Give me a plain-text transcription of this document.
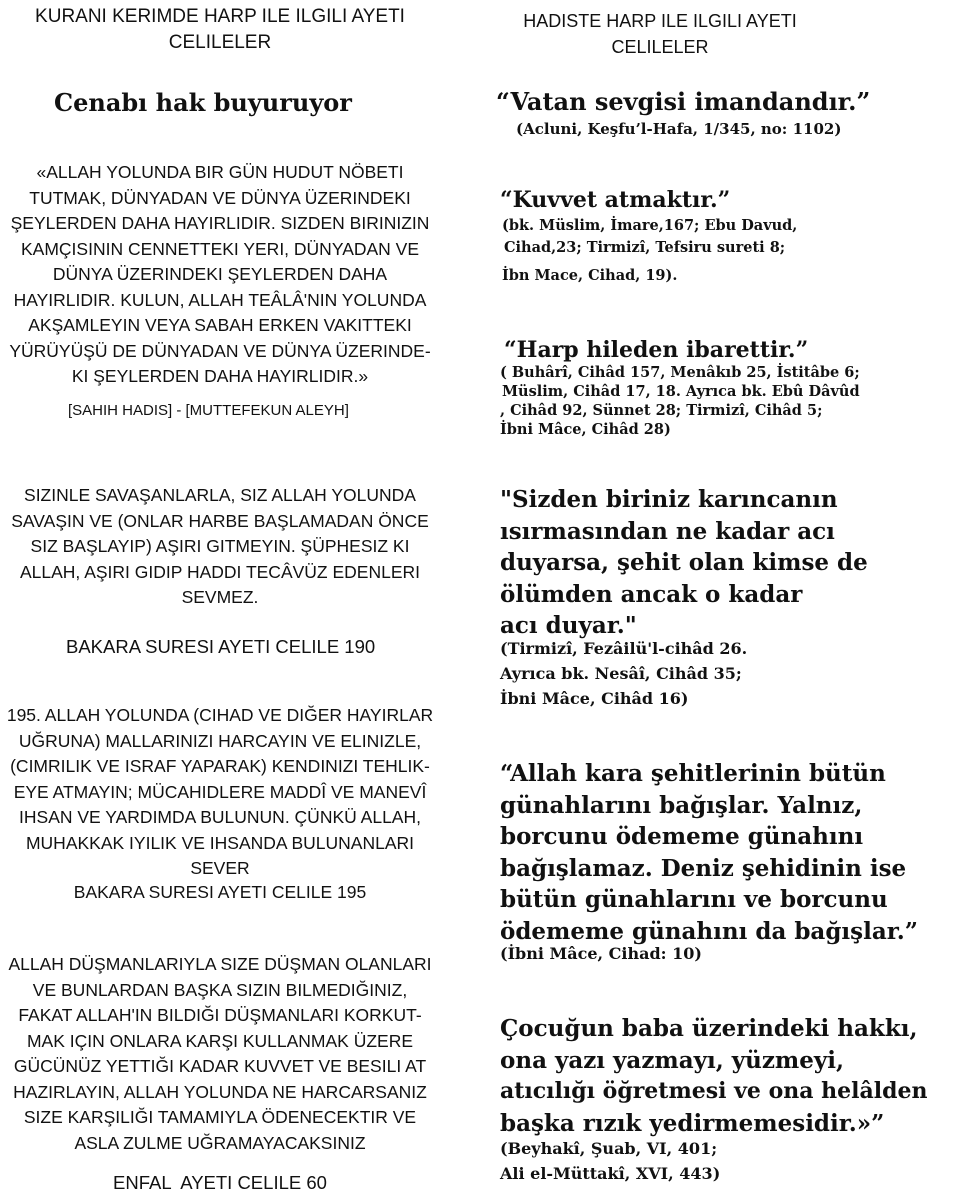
KURANI KERIMDE HARP ILE ILGILI AYETI
CELILELER
Cenabı hak buyuruyor
«ALLAH YOLUNDA BIR GÜN HUDUT NÖBETI
TUTMAK, DÜNYADAN VE DÜNYA ÜZERINDEKI
ŞEYLERDEN DAHA HAYIRLIDIR. SIZDEN BIRINIZIN
KAMÇISININ CENNETTEKI YERI, DÜNYADAN VE
DÜNYA ÜZERINDEKI ŞEYLERDEN DAHA
HAYIRLIDIR. KULUN, ALLAH TEÂLÂ'NIN YOLUNDA
AKŞAMLEYIN VEYA SABAH ERKEN VAKITTEKI
YÜRÜYÜŞÜ DE DÜNYADAN VE DÜNYA ÜZERINDE-
KI ŞEYLERDEN DAHA HAYIRLIDIR.»
[SAHIH HADIS] - [MUTTEFEKUN ALEYH]
SIZINLE SAVAŞANLARLA, SIZ ALLAH YOLUNDA
SAVAŞIN VE (ONLAR HARBE BAŞLAMADAN ÖNCE
SIZ BAŞLAYIP) AŞIRI GITMEYIN. ŞÜPHESIZ KI
ALLAH, AŞIRI GIDIP HADDI TECÂVÜZ EDENLERI
SEVMEZ.
BAKARA SURESI AYETI CELILE 190
195. ALLAH YOLUNDA (CIHAD VE DIĞER HAYIRLAR
UĞRUNA) MALLARINIZI HARCAYIN VE ELINIZLE,
(CIMRILIK VE ISRAF YAPARAK) KENDINIZI TEHLIK-
EYE ATMAYIN; MÜCAHIDLERE MADDÎ VE MANEVÎ
IHSAN VE YARDIMDA BULUNUN. ÇÜNKÜ ALLAH,
MUHAKKAK IYILIK VE IHSANDA BULUNANLARI
SEVER
BAKARA SURESI AYETI CELILE 195
ALLAH DÜŞMANLARIYLA SIZE DÜŞMAN OLANLARI
VE BUNLARDAN BAŞKA SIZIN BILMEDIĞINIZ,
FAKAT ALLAH'IN BILDIĞI DÜŞMANLARI KORKUT-
MAK IÇIN ONLARA KARŞI KULLANMAK ÜZERE
GÜCÜNÜZ YETTIĞI KADAR KUVVET VE BESILI AT
HAZIRLAYIN, ALLAH YOLUNDA NE HARCARSANIZ
SIZE KARŞILIĞI TAMAMIYLA ÖDENECEKTIR VE
ASLA ZULME UĞRAMAYACAKSINIZ
ENFAL  AYETI CELILE 60
HADISTE HARP ILE ILGILI AYETI
CELILELER
“Vatan sevgisi imandandır.”
(Acluni, Keşfu’l-Hafa, 1/345, no: 1102)
“Kuvvet atmaktır.”
(bk. Müslim, İmare,167; Ebu Davud,
Cihad,23; Tirmizî, Tefsiru sureti 8;
İbn Mace, Cihad, 19).
“Harp hileden ibarettir.”
( Buhârî, Cihâd 157, Menâkıb 25, İstitâbe 6;
Müslim, Cihâd 17, 18. Ayrıca bk. Ebû Dâvûd
, Cihâd 92, Sünnet 28; Tirmizî, Cihâd 5;
İbni Mâce, Cihâd 28)
"Sizden biriniz karıncanın
ısırmasından ne kadar acı
duyarsa, şehit olan kimse de
ölümden ancak o kadar
acı duyar."
(Tirmizî, Fezâilü'l-cihâd 26.
Ayrıca bk. Nesâî, Cihâd 35;
İbni Mâce, Cihâd 16)
“Allah kara şehitlerinin bütün
günahlarını bağışlar. Yalnız,
borcunu ödememe günahını
bağışlamaz. Deniz şehidinin ise
bütün günahlarını ve borcunu
ödememe günahını da bağışlar.”
(İbni Mâce, Cihad: 10)
Çocuğun baba üzerindeki hakkı,
ona yazı yazmayı, yüzmeyi,
atıcılığı öğretmesi ve ona helâlden
başka rızık yedirmemesidir.»”
(Beyhakî, Şuab, VI, 401;
Ali el-Müttakî, XVI, 443)
